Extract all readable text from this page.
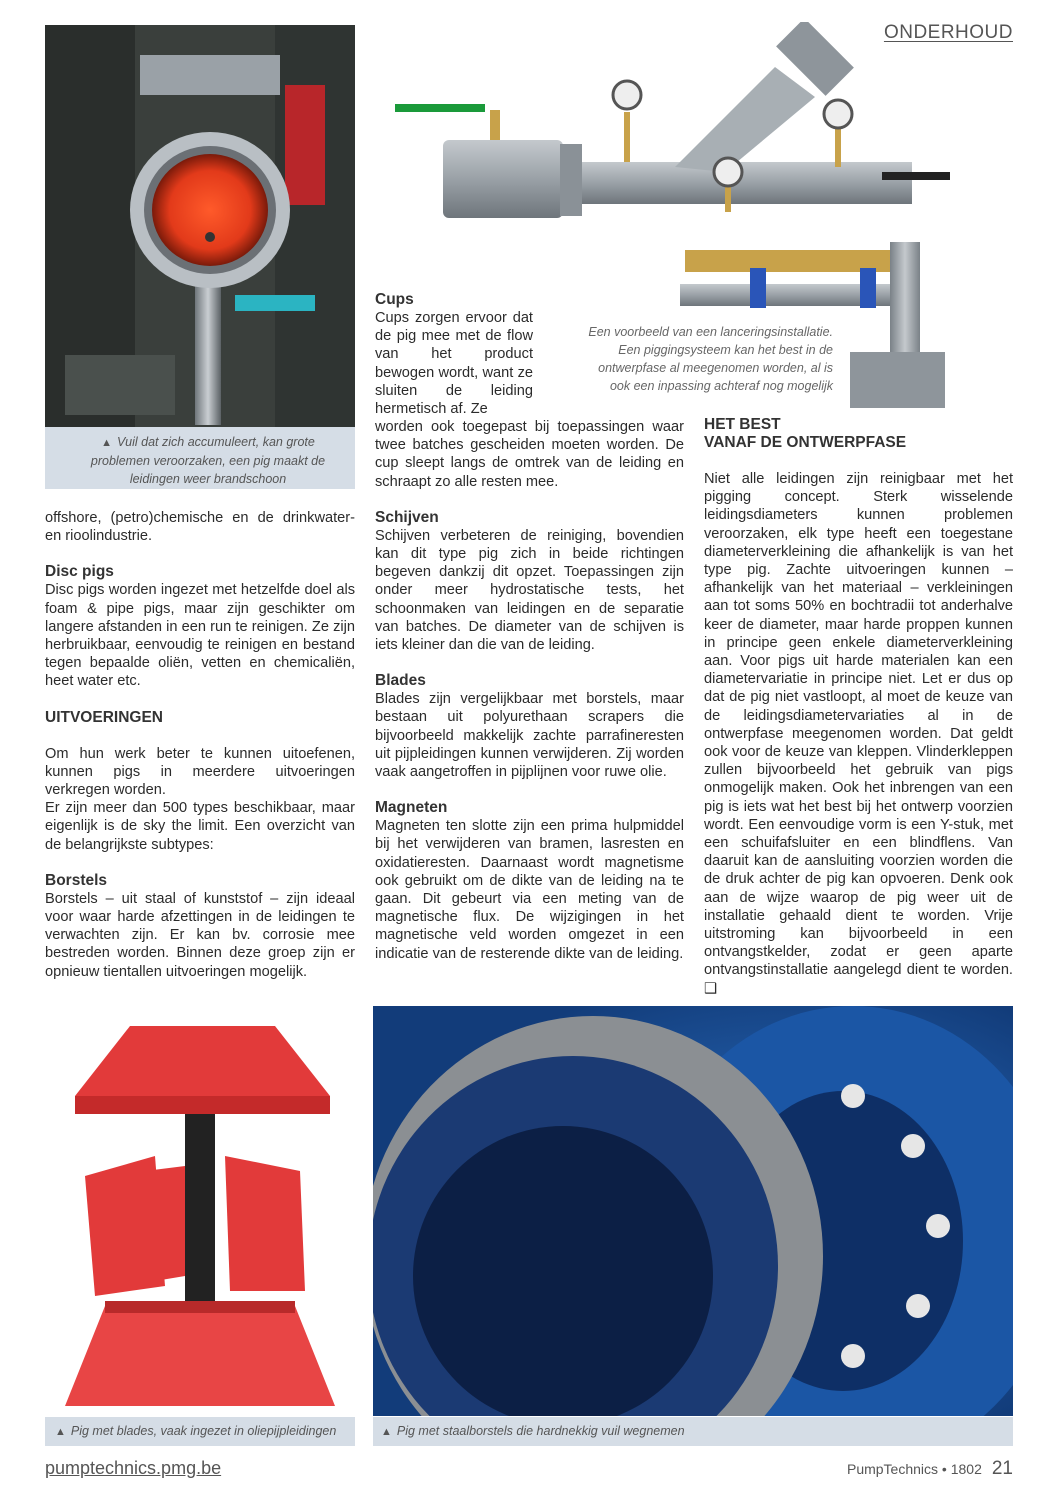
ONDERHOUD
▲ Vuil dat zich accumuleert, kan grote problemen veroorzaken, een pig maakt de leidingen weer brandschoon
Een voorbeeld van een lanceringsinstallatie. Een piggingsysteem kan het best in de ontwerpfase al meegenomen worden, al is ook een inpassing achteraf nog mogelijk

offshore, (petro)chemische en de drinkwater- en rioolindustrie.

Disc pigs

Disc pigs worden ingezet met hetzelfde doel als foam & pipe pigs, maar zijn geschikter om langere afstanden in een run te reinigen. Ze zijn herbruikbaar, eenvoudig te reinigen en bestand tegen bepaalde oliën, vetten en chemicaliën, heet water etc.

UITVOERINGEN

Om hun werk beter te kunnen uitoefenen, kunnen pigs in meerdere uitvoeringen verkregen worden.

Er zijn meer dan 500 types beschikbaar, maar eigenlijk is de sky the limit. Een overzicht van de belangrijkste subtypes:

Borstels

Borstels – uit staal of kunststof – zijn ideaal voor waar harde afzettingen in de leidingen te verwachten zijn. Er kan bv. corrosie mee bestreden worden. Binnen deze groep zijn er opnieuw tientallen uitvoeringen mogelijk.

Cups

Cups zorgen ervoor dat de pig mee met de flow van het product bewogen wordt, want ze sluiten de leiding hermetisch af. Ze

worden ook toegepast bij toepassingen waar twee batches gescheiden moeten worden. De cup sleept langs de omtrek van de leiding en schraapt zo alle resten mee.

Schijven

Schijven verbeteren de reiniging, bovendien kan dit type pig zich in beide richtingen begeven dankzij dit opzet. Toepassingen zijn onder meer hydrostatische tests, het schoonmaken van leidingen en de separatie van batches. De diameter van de schijven is iets kleiner dan die van de leiding.

Blades

Blades zijn vergelijkbaar met borstels, maar bestaan uit polyurethaan scrapers die bijvoorbeeld makkelijk zachte parrafineresten uit pijpleidingen kunnen verwijderen. Zij worden vaak aangetroffen in pijplijnen voor ruwe olie.

Magneten

Magneten ten slotte zijn een prima hulpmiddel bij het verwijderen van bramen, lasresten en oxidatieresten. Daarnaast wordt magnetisme ook gebruikt om de dikte van de leiding na te gaan. Dit gebeurt via een meting van de magnetische flux. De wijzigingen in het magnetische veld worden omgezet in een indicatie van de resterende dikte van de leiding.

HET BEST

VANAF DE ONTWERPFASE

Niet alle leidingen zijn reinigbaar met het pigging concept. Sterk wisselende leidingsdiameters kunnen problemen veroorzaken, elk type heeft een toegestane diameterverkleining die afhankelijk is van het type pig. Zachte uitvoeringen kunnen – afhankelijk van het materiaal – verkleiningen aan tot soms 50% en bochtradii tot anderhalve keer de diameter, maar harde proppen kunnen in principe geen enkele diameterverkleining aan. Voor pigs uit harde materialen kan een diametervariatie in principe niet. Let er dus op dat de pig niet vastloopt, al moet de keuze van de leidingsdiametervariaties al in de ontwerpfase meegenomen worden. Dat geldt ook voor de keuze van kleppen. Vlinderkleppen zullen bijvoorbeeld het gebruik van pigs onmogelijk maken. Ook het inbrengen van een pig is iets wat het best bij het ontwerp voorzien wordt. Een eenvoudige vorm is een Y-stuk, met een schuifafsluiter en een blindflens. Van daaruit kan de aansluiting voorzien worden die de druk achter de pig kan opvoeren. Denk ook aan de wijze waarop de pig weer uit de installatie gehaald dient te worden. Vrije uitstroming kan bijvoorbeeld in een ontvangstkelder, zodat er geen aparte ontvangstinstallatie aangelegd dient te worden. ❑

▲ Pig met blades, vaak ingezet in oliepijpleidingen	▲ Pig met staalborstels die hardnekkig vuil wegnemen
pumptechnics.pmg.be	PumpTechnics • 1802 21
